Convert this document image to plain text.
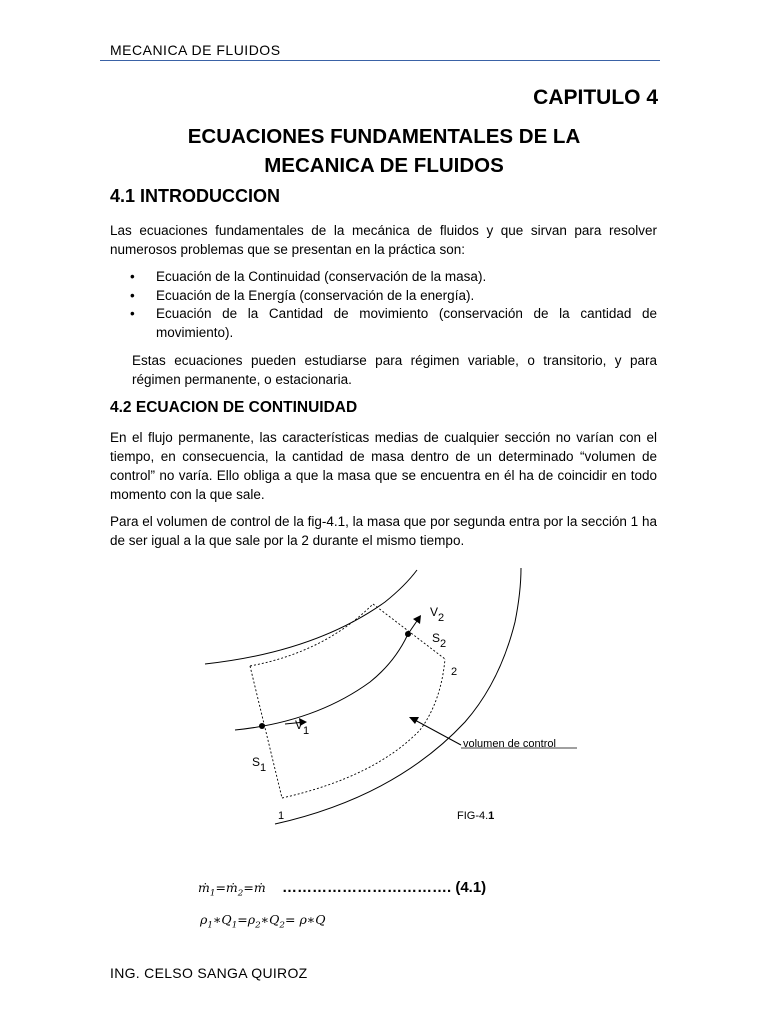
MECANICA DE FLUIDOS
CAPITULO 4
ECUACIONES FUNDAMENTALES DE LA
MECANICA DE FLUIDOS
4.1 INTRODUCCION
Las ecuaciones fundamentales de la mecánica de fluidos y que sirvan para resolver numerosos problemas que se presentan en la práctica son:
• Ecuación de la Continuidad (conservación de la masa).
• Ecuación de la Energía (conservación de la energía).
• Ecuación de la Cantidad de movimiento (conservación de la cantidad de movimiento).
Estas ecuaciones pueden estudiarse para régimen variable, o transitorio, y para régimen permanente, o estacionaria.
4.2 ECUACION DE CONTINUIDAD
En el flujo permanente, las características medias de cualquier sección no varían con el tiempo, en consecuencia, la cantidad de masa dentro de un determinado “volumen de control” no varía. Ello obliga a que la masa que se encuentra en él ha de coincidir en todo momento con la que sale.
Para el volumen de control de la fig-4.1, la masa que por segunda entra por la sección 1 ha de ser igual a la que sale por la 2 durante el mismo tiempo.
V2
S2
2
V1
S1
1
volumen de control
FIG-4.1
ṁ$_1$=ṁ$_2$=ṁ ……………………………. (4.1)
$\rho_1∗Q_1=\rho_2∗Q_2=$ ρ∗Q
ING. CELSO SANGA QUIROZ
